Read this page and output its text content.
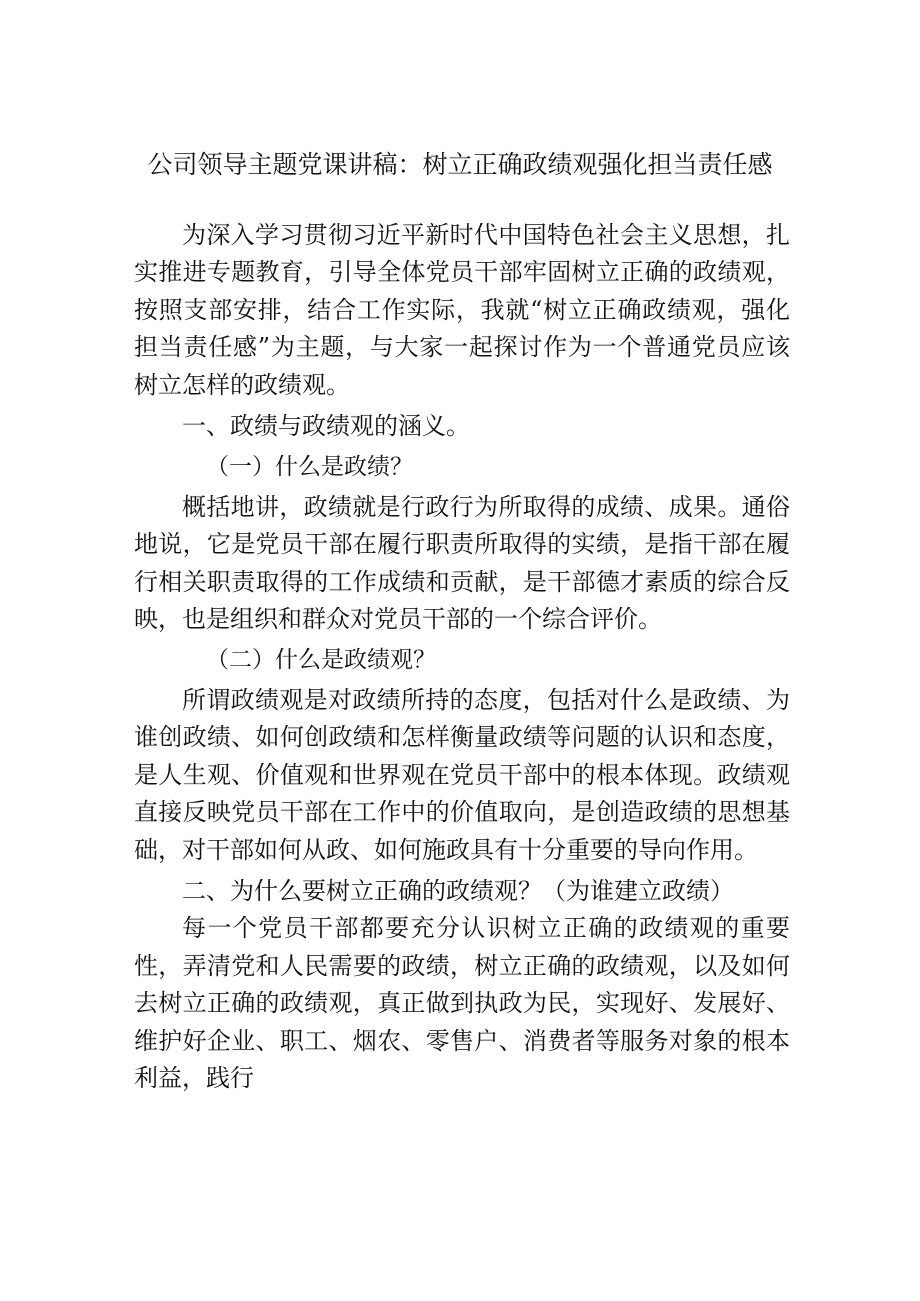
公司领导主题党课讲稿：树立正确政绩观强化担当责任感

为深入学习贯彻习近平新时代中国特色社会主义思想，扎实推进专题教育，引导全体党员干部牢固树立正确的政绩观，按照支部安排，结合工作实际，我就“树立正确政绩观，强化担当责任感”为主题，与大家一起探讨作为一个普通党员应该树立怎样的政绩观。

一、政绩与政绩观的涵义。

（一）什么是政绩？

概括地讲，政绩就是行政行为所取得的成绩、成果。通俗地说，它是党员干部在履行职责所取得的实绩，是指干部在履行相关职责取得的工作成绩和贡献，是干部德才素质的综合反映，也是组织和群众对党员干部的一个综合评价。

（二）什么是政绩观？

所谓政绩观是对政绩所持的态度，包括对什么是政绩、为谁创政绩、如何创政绩和怎样衡量政绩等问题的认识和态度，是人生观、价值观和世界观在党员干部中的根本体现。政绩观直接反映党员干部在工作中的价值取向，是创造政绩的思想基础，对干部如何从政、如何施政具有十分重要的导向作用。

二、为什么要树立正确的政绩观？（为谁建立政绩）

每一个党员干部都要充分认识树立正确的政绩观的重要性，弄清党和人民需要的政绩，树立正确的政绩观，以及如何去树立正确的政绩观，真正做到执政为民，实现好、发展好、维护好企业、职工、烟农、零售户、消费者等服务对象的根本利益，践行
